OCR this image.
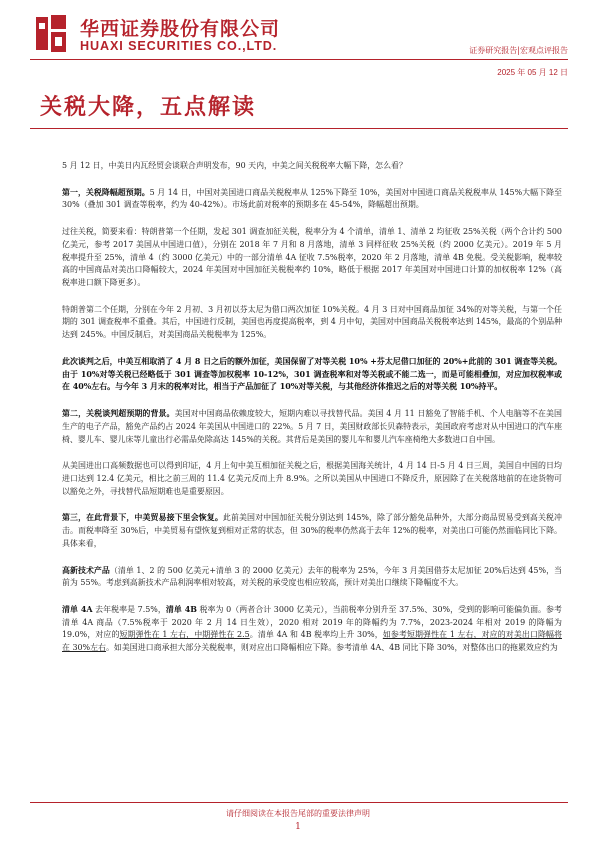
华西证券股份有限公司
HUAXI SECURITIES CO.,LTD.	证券研究报告|宏观点评报告
2025 年 05 月 12 日
关税大降，五点解读

5 月 12 日，中美日内瓦经贸会谈联合声明发布，90 天内，中美之间关税税率大幅下降，怎么看？

第一，关税降幅超预期。5 月 14 日，中国对美国进口商品关税税率从 125%下降至 10%，美国对中国进口商品关税税率从 145%大幅下降至 30%（叠加 301 调查等税率，约为 40-42%）。市场此前对税率的预期多在 45-54%，降幅超出预期。

过往关税，简要来看：特朗普第一个任期，发起 301 调查加征关税，税率分为 4 个清单，清单 1、清单 2 均征收 25%关税（两个合计约 500 亿美元，参考 2017 美国从中国进口值），分别在 2018 年 7 月和 8 月落地，清单 3 同样征收 25%关税（约 2000 亿美元）。2019 年 5 月税率提升至 25%，清单 4（约 3000 亿美元）中的一部分清单 4A 征收 7.5%税率，2020 年 2 月落地，清单 4B 免税。受关税影响，税率较高的中国商品对美出口降幅较大，2024 年美国对中国加征关税税率约 10%，略低于根据 2017 年美国对中国进口计算的加权税率 12%（高税率进口额下降更多）。

特朗普第二个任期，分别在今年 2 月初、3 月初以芬太尼为借口两次加征 10%关税。4 月 3 日对中国商品加征 34%的对等关税，与第一个任期的 301 调查税率不重叠。其后，中国进行反制，美国也再度提高税率，到 4 月中旬，美国对中国商品关税税率达到 145%，最高的个别品种达到 245%。中国反制后，对美国商品关税税率为 125%。

此次谈判之后，中美互相取消了 4 月 8 日之后的额外加征，美国保留了对等关税 10% +芬太尼借口加征的 20%+此前的 301 调查等关税。由于 10%对等关税已经略低于 301 调查等加权税率 10-12%，301 调查税率和对等关税或不能二选一，而是可能相叠加，对应加权税率或在 40%左右。与今年 3 月末的税率对比，相当于产品加征了 10%对等关税，与其他经济体推迟之后的对等关税 10%持平。

第二，关税谈判超预期的背景。美国对中国商品依赖度较大，短期内难以寻找替代品。美国 4 月 11 日豁免了智能手机、个人电脑等不在美国生产的电子产品，豁免产品约占 2024 年美国从中国进口的 22%。5 月 7 日，美国财政部长贝森特表示，美国政府考虑对从中国进口的汽车座椅、婴儿车、婴儿床等儿童出行必需品免除高达 145%的关税。其背后是美国的婴儿车和婴儿汽车座椅绝大多数进口自中国。

从美国进出口高频数据也可以得到印证，4 月上旬中美互相加征关税之后，根据美国海关统计，4 月 14 日-5 月 4 日三周，美国自中国的日均进口达到 12.4 亿美元，相比之前三周的 11.4 亿美元反而上升 8.9%。之所以美国从中国进口不降反升，原因除了在关税落地前的在途货物可以豁免之外，寻找替代品短期难也是重要原因。

第三，在此背景下，中美贸易接下里会恢复。此前美国对中国加征关税分别达到 145%，除了部分豁免品种外，大部分商品贸易受到高关税冲击。而税率降至 30%后，中美贸易有望恢复到相对正常的状态，但 30%的税率仍然高于去年 12%的税率，对美出口可能仍然面临同比下降。具体来看，

高新技术产品（清单 1、2 的 500 亿美元+清单 3 的 2000 亿美元）去年的税率为 25%，今年 3 月美国借芬太尼加征 20%后达到 45%，当前为 55%。考虑到高新技术产品利润率相对较高，对关税的承受度也相应较高，预计对美出口继续下降幅度不大。

清单 4A 去年税率是 7.5%，清单 4B 税率为 0（两者合计 3000 亿美元），当前税率分别升至 37.5%、30%，受到的影响可能偏负面。参考清单 4A 商品（7.5%税率于 2020 年 2 月 14 日生效），2020 相对 2019 年的降幅约为 7.7%，2023-2024 年相对 2019 的降幅为 19.0%，对应的短期弹性在 1 左右，中期弹性在 2.5。清单 4A 和 4B 税率均上升 30%，如参考短期弹性在 1 左右，对应的对美出口降幅将在 30%左右。如美国进口商承担大部分关税税率，则对应出口降幅相应下降。参考清单 4A、4B 同比下降 30%，对整体出口的拖累效应约为

请仔细阅读在本报告尾部的重要法律声明
1
